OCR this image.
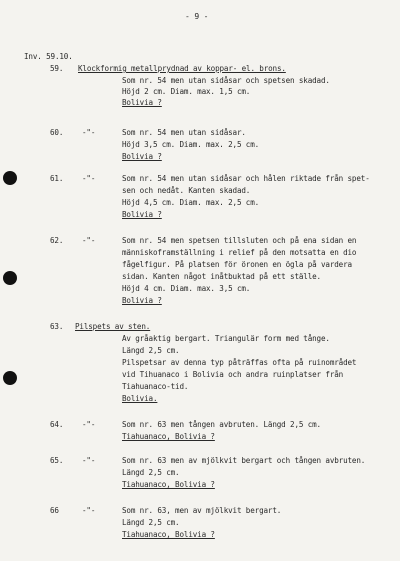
- 9 -
Inv. 59.10.
59. Klockformig metallprydnad av koppar- el. brons.
Som nr. 54 men utan sidåsar och spetsen skadad.
Höjd 2 cm. Diam. max. 1,5 cm.
Bolivia ?
60. -"-	Som nr. 54 men utan sidåsar.
Höjd 3,5 cm. Diam. max. 2,5 cm.
Bolivia ?
61. -"-	Som nr. 54 men utan sidåsar och hålen riktade från spet-
sen och nedåt. Kanten skadad.
Höjd 4,5 cm. Diam. max. 2,5 cm.
Bolivia ?
62. -"-	Som nr. 54 men spetsen tillsluten och på ena sidan en
människoframställning i relief på den motsatta en dio
fågelfigur. På platsen för öronen en ögla på vardera
sidan. Kanten något inåtbuktad på ett ställe.
Höjd 4 cm. Diam. max. 3,5 cm.
Bolivia ?
63. Pilspets av sten.
Av gråaktig bergart. Triangulär form med tånge.
Längd 2,5 cm.
Pilspetsar av denna typ påträffas ofta på ruinområdet
vid Tihuanaco i Bolivia och andra ruinplatser från
Tiahuanaco-tid.
Bolivia.
64. -"-	Som nr. 63 men tången avbruten. Längd 2,5 cm.
Tiahuanaco, Bolivia ?
65. -"-	Som nr. 63 men av mjölkvit bergart och tången avbruten.
Längd 2,5 cm.
Tiahuanaco, Bolivia ?
66	-"-	Som nr. 63, men av mjölkvit bergart.
Längd 2,5 cm.
Tiahuanaco, Bolivia ?
